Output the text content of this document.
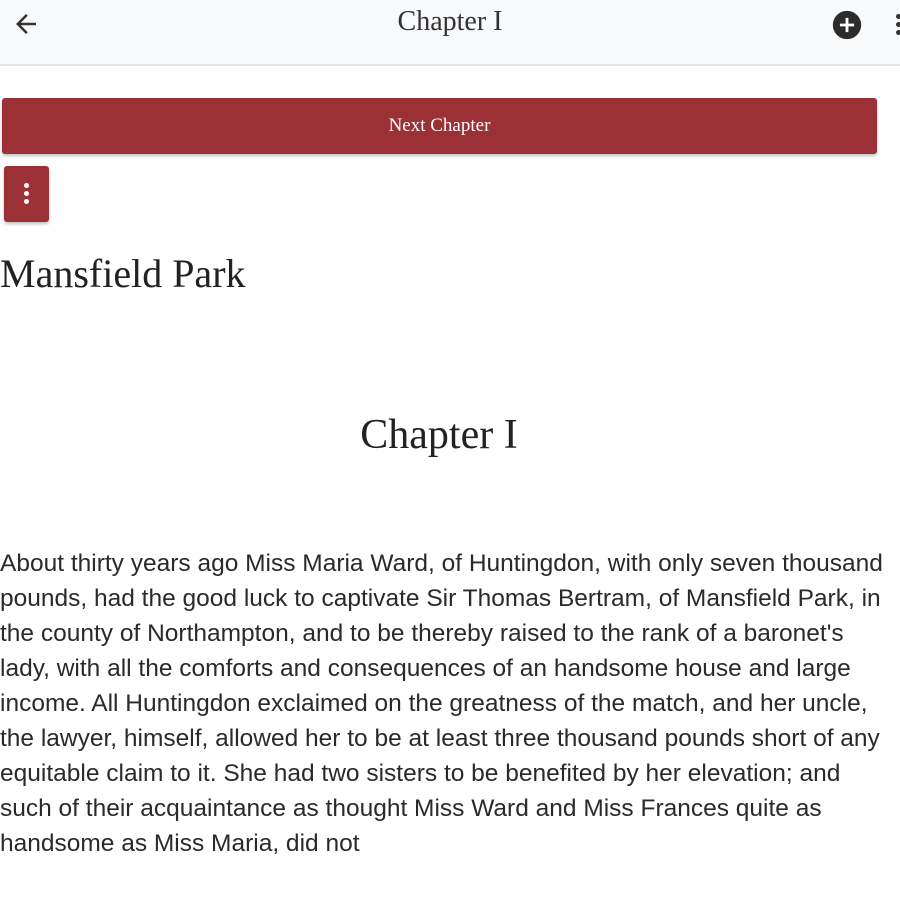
Chapter I
Next Chapter
Mansfield Park
Chapter I

About thirty years ago Miss Maria Ward, of Huntingdon, with only seven thousand pounds, had the good luck to captivate Sir Thomas Bertram, of Mansfield Park, in the county of Northampton, and to be thereby raised to the rank of a baronet's lady, with all the comforts and consequences of an handsome house and large income. All Huntingdon exclaimed on the greatness of the match, and her uncle, the lawyer, himself, allowed her to be at least three thousand pounds short of any equitable claim to it. She had two sisters to be benefited by her elevation; and such of their acquaintance as thought Miss Ward and Miss Frances quite as handsome as Miss Maria, did not
